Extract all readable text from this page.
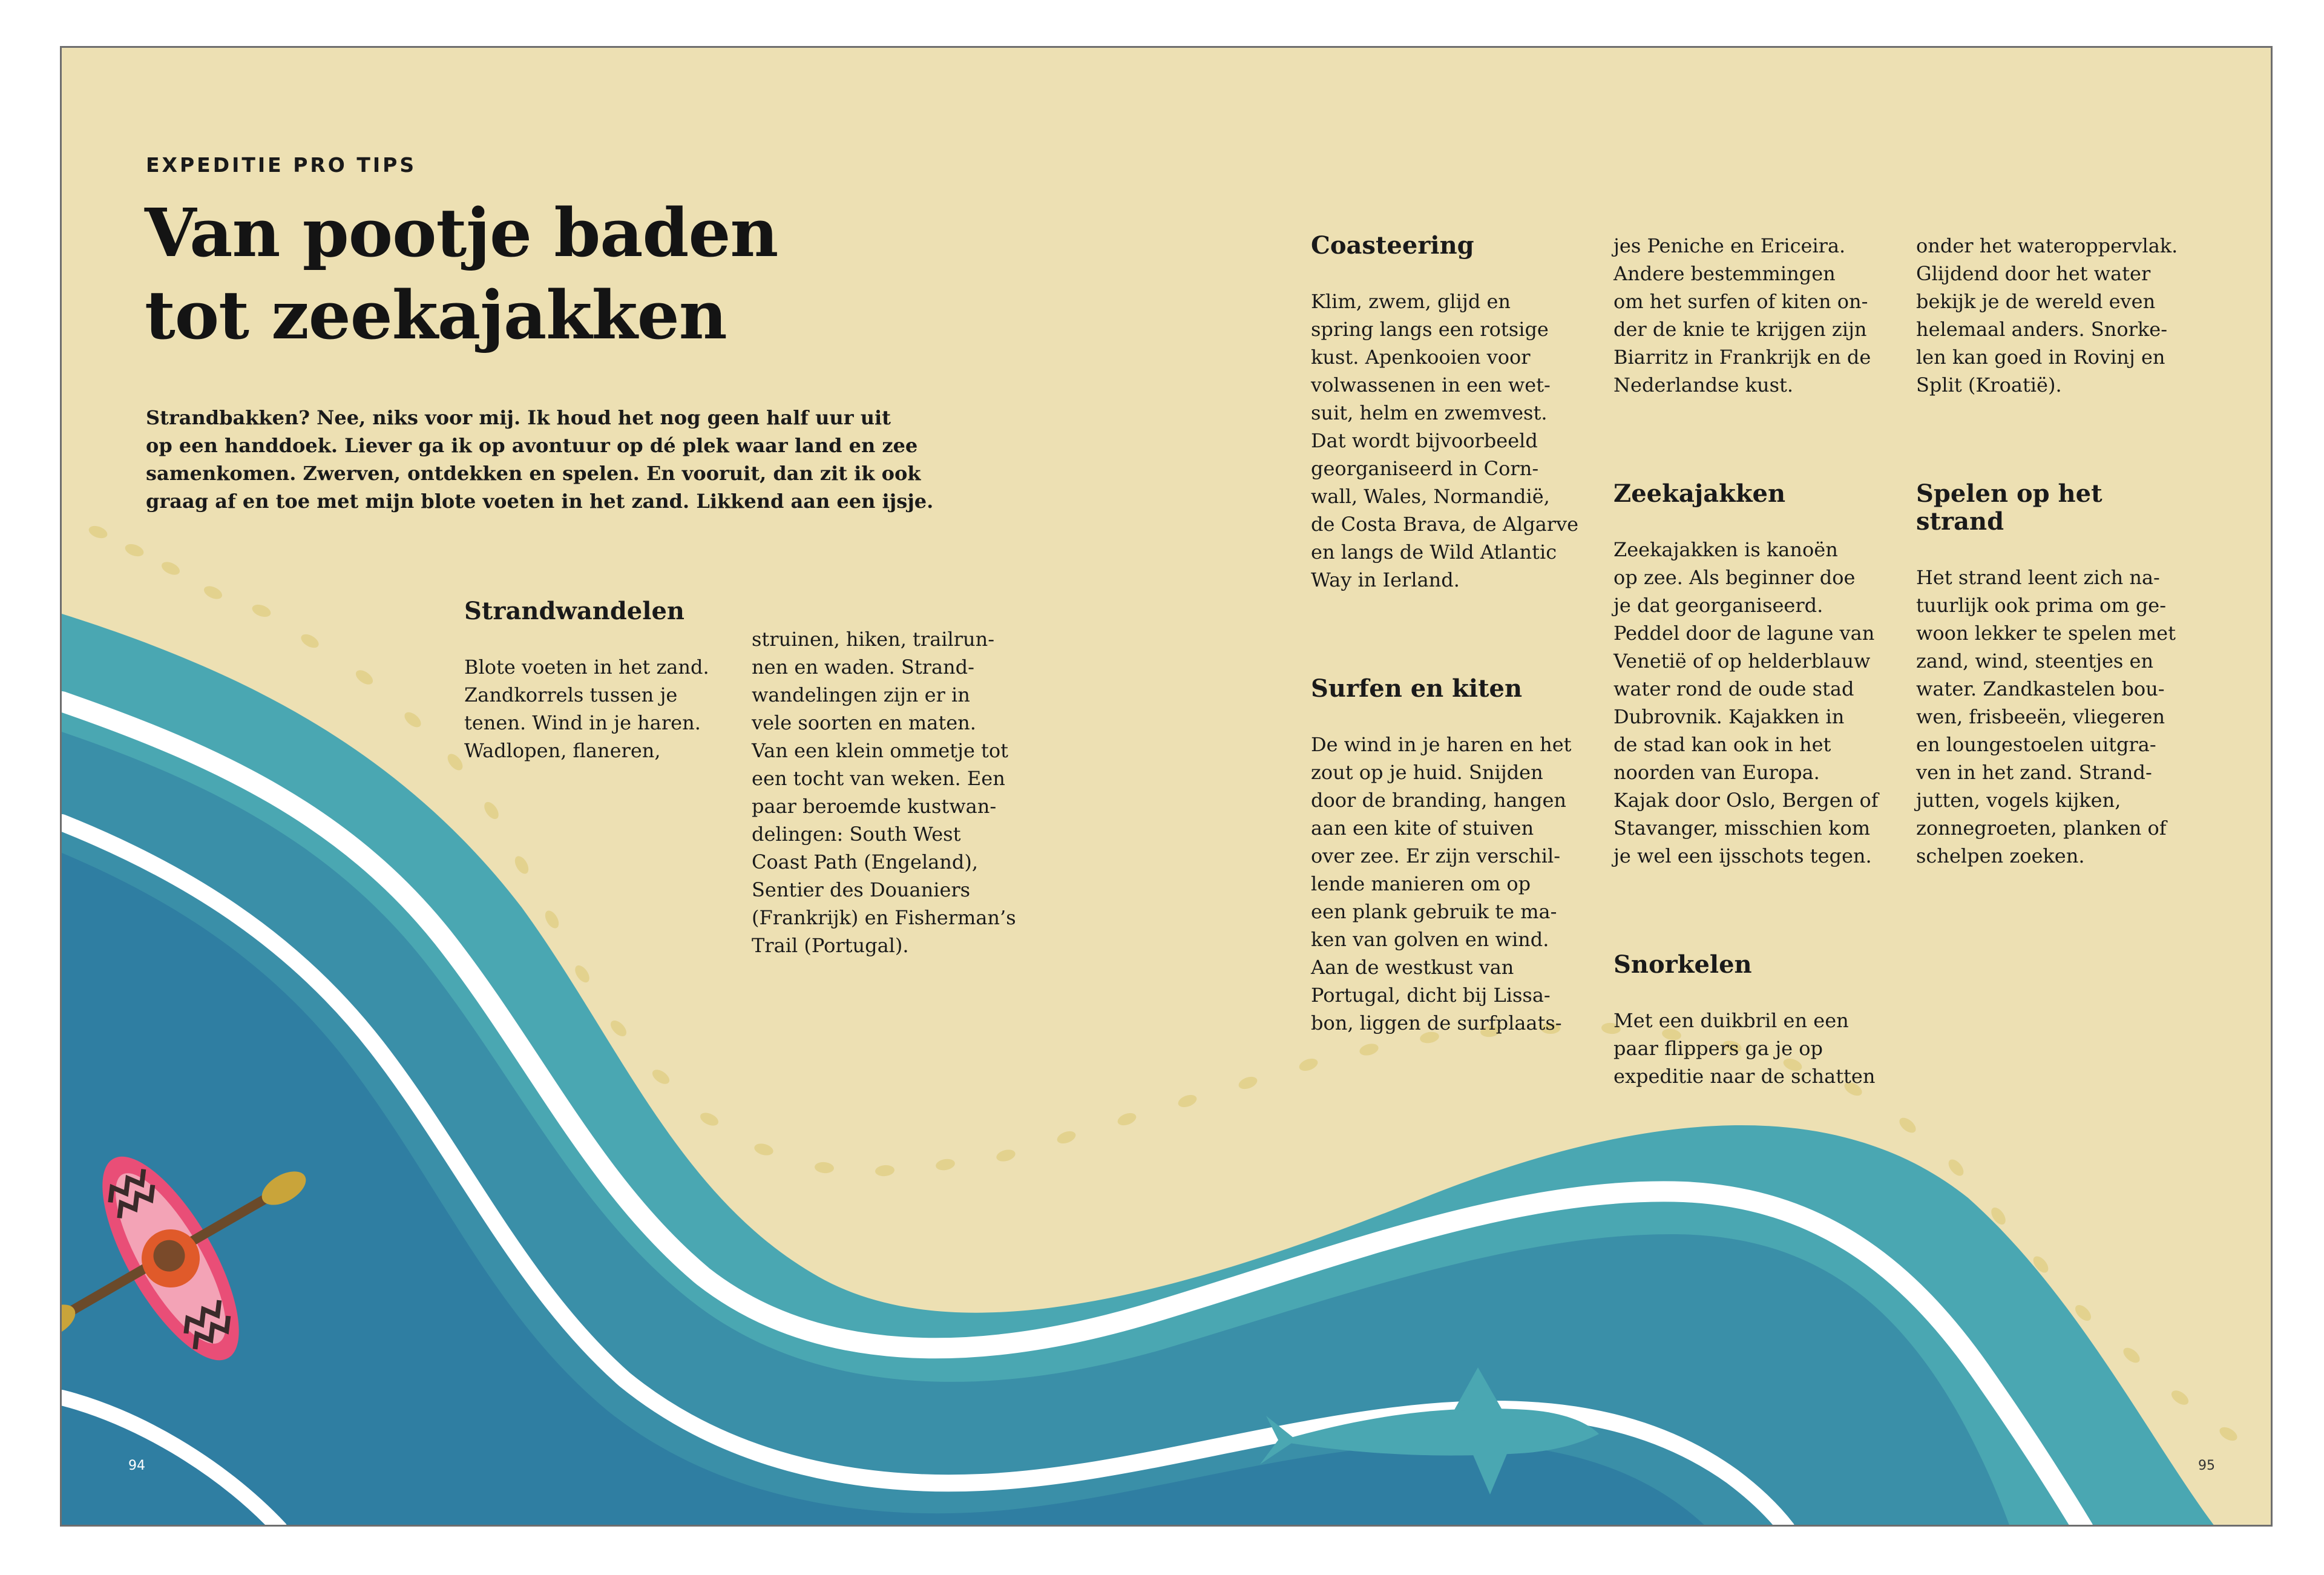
EXPEDITIE PRO TIPS
Van pootje baden
tot zeekajakken
Strandbakken? Nee, niks voor mij. Ik houd het nog geen half uur uit
op een handdoek. Liever ga ik op avontuur op dé plek waar land en zee
samenkomen. Zwerven, ontdekken en spelen. En vooruit, dan zit ik ook
graag af en toe met mijn blote voeten in het zand. Likkend aan een ijsje.

Strandwandelen

Blote voeten in het zand.
Zandkorrels tussen je
tenen. Wind in je haren.
Wadlopen, flaneren,

struinen, hiken, trailrun-
nen en waden. Strand-
wandelingen zijn er in
vele soorten en maten.
Van een klein ommetje tot
een tocht van weken. Een
paar beroemde kustwan-
delingen: South West
Coast Path (Engeland),
Sentier des Douaniers
(Frankrijk) en Fisherman’s
Trail (Portugal).

Coasteering

Klim, zwem, glijd en
spring langs een rotsige
kust. Apenkooien voor
volwassenen in een wet-
suit, helm en zwemvest.
Dat wordt bijvoorbeeld
georganiseerd in Corn-
wall, Wales, Normandië,
de Costa Brava, de Algarve
en langs de Wild Atlantic
Way in Ierland.

Surfen en kiten

De wind in je haren en het
zout op je huid. Snijden
door de branding, hangen
aan een kite of stuiven
over zee. Er zijn verschil-
lende manieren om op
een plank gebruik te ma-
ken van golven en wind.
Aan de westkust van
Portugal, dicht bij Lissa-
bon, liggen de surfplaats-

jes Peniche en Ericeira.
Andere bestemmingen
om het surfen of kiten on-
der de knie te krijgen zijn
Biarritz in Frankrijk en de
Nederlandse kust.

Zeekajakken

Zeekajakken is kanoën
op zee. Als beginner doe
je dat georganiseerd.
Peddel door de lagune van
Venetië of op helderblauw
water rond de oude stad
Dubrovnik. Kajakken in
de stad kan ook in het
noorden van Europa.
Kajak door Oslo, Bergen of
Stavanger, misschien kom
je wel een ijsschots tegen.

Snorkelen

Met een duikbril en een
paar flippers ga je op
expeditie naar de schatten

onder het wateroppervlak.
Glijdend door het water
bekijk je de wereld even
helemaal anders. Snorke-
len kan goed in Rovinj en
Split (Kroatië).

Spelen op het
strand

Het strand leent zich na-
tuurlijk ook prima om ge-
woon lekker te spelen met
zand, wind, steentjes en
water. Zandkastelen bou-
wen, frisbeeën, vliegeren
en loungestoelen uitgra-
ven in het zand. Strand-
jutten, vogels kijken,
zonnegroeten, planken of
schelpen zoeken.

94	95
